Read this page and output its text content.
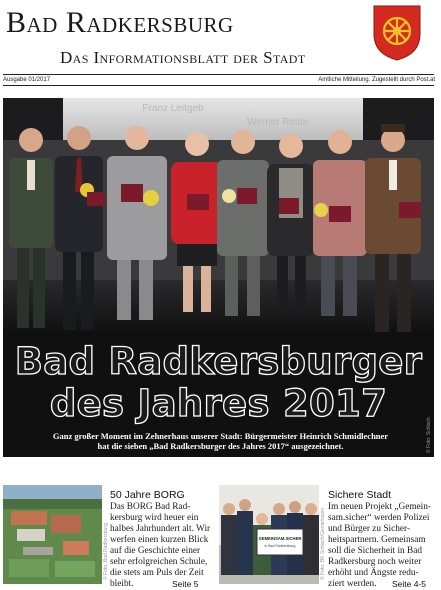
Bad Radkersburg
Das Informationsblatt der Stadt
Ausgabe 01/2017	Amtliche Mitteilung. Zugestellt durch Post.at
Franz Leitgeb
Werner Reiter
Bad Radkersburger
des Jahres 2017
Ganz großer Moment im Zehnerhaus unserer Stadt: Bürgermeister Heinrich Schmidlechner
hat die sieben „Bad Radkersburger des Jahres 2017“ ausgezeichnet.	© Foto: Schloch
© Foto: Bad Radkersburg
50 Jahre BORG
Das BORG Bad Rad-
kersburg wird heuer ein
halbes Jahrhundert alt. Wir
werfen einen kurzen Blick
auf die Geschichte einer
sehr erfolgreichen Schule,
die stets am Puls der Zeit
bleibt.	Seite 5
GEMEINSAM.SICHER
in Bad Radkersburg	© Foto: BK Schloch/Gemeinsam
Sichere Stadt
Im neuen Projekt „Gemein-
sam.sicher“ werden Polizei
und Bürger zu Sicher-
heitspartnern. Gemeinsam
soll die Sicherheit in Bad
Radkersburg noch weiter
erhöht und Ängste redu-
ziert werden. Seite 4-5
